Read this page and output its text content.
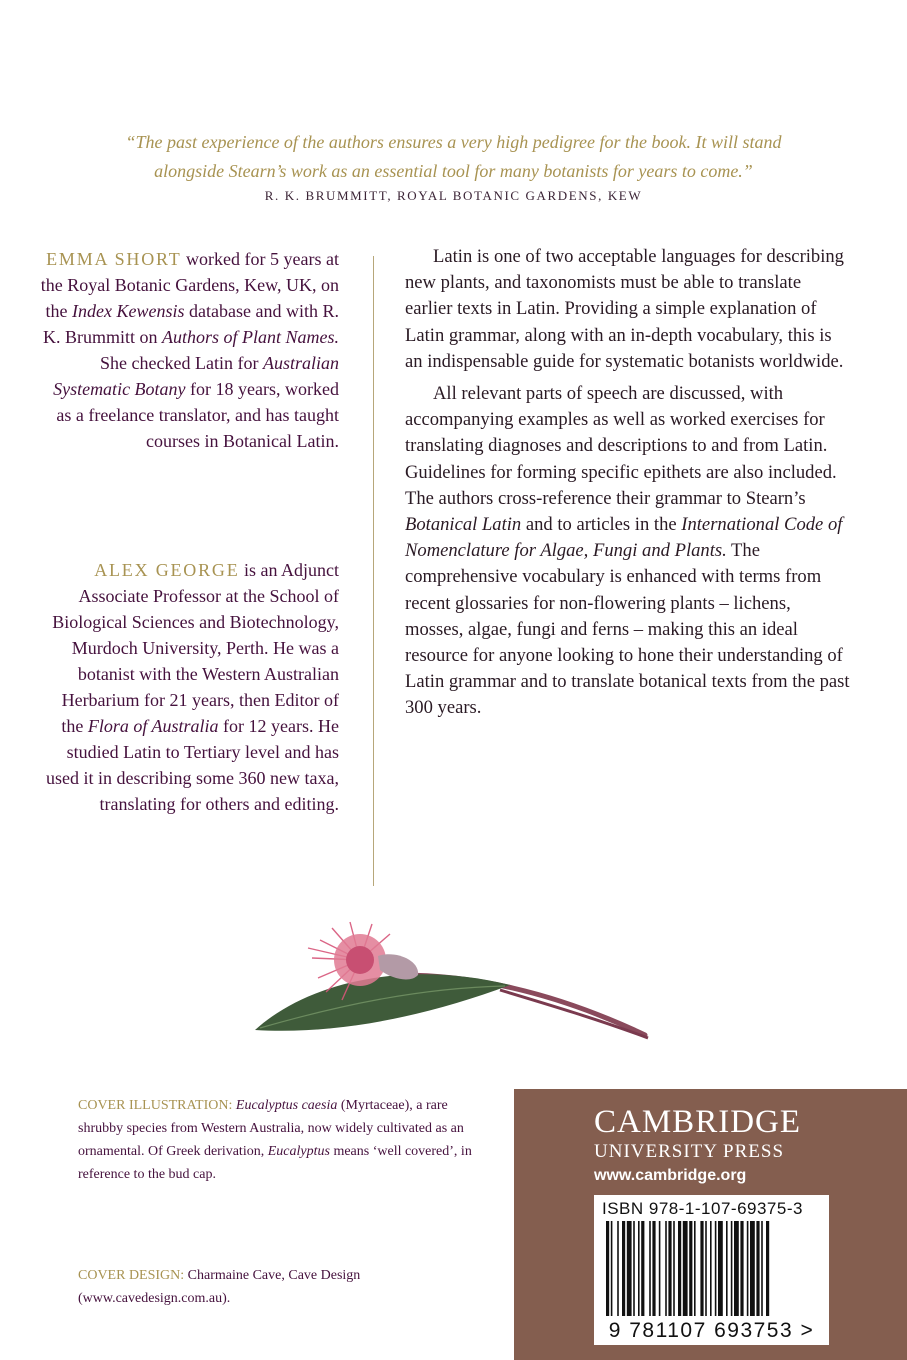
“The past experience of the authors ensures a very high pedigree for the book. It will stand
alongside Stearn’s work as an essential tool for many botanists for years to come.”
R. K. BRUMMITT, ROYAL BOTANIC GARDENS, KEW
EMMA SHORT worked for 5 years at the Royal Botanic Gardens, Kew, UK, on the Index Kewensis database and with R. K. Brummitt on Authors of Plant Names. She checked Latin for Australian Systematic Botany for 18 years, worked as a freelance translator, and has taught courses in Botanical Latin.
ALEX GEORGE is an Adjunct Associate Professor at the School of Biological Sciences and Biotechnology, Murdoch University, Perth. He was a botanist with the Western Australian Herbarium for 21 years, then Editor of the Flora of Australia for 12 years. He studied Latin to Tertiary level and has used it in describing some 360 new taxa, translating for others and editing.

Latin is one of two acceptable languages for describing new plants, and taxonomists must be able to translate earlier texts in Latin. Providing a simple explanation of Latin grammar, along with an in-depth vocabulary, this is an indispensable guide for systematic botanists worldwide.

All relevant parts of speech are discussed, with accompanying examples as well as worked exercises for translating diagnoses and descriptions to and from Latin. Guidelines for forming specific epithets are also included. The authors cross-reference their grammar to Stearn’s Botanical Latin and to articles in the International Code of Nomenclature for Algae, Fungi and Plants. The comprehensive vocabulary is enhanced with terms from recent glossaries for non-flowering plants – lichens, mosses, algae, fungi and ferns – making this an ideal resource for anyone looking to hone their understanding of Latin grammar and to translate botanical texts from the past 300 years.

COVER ILLUSTRATION: Eucalyptus caesia (Myrtaceae), a rare shrubby species from Western Australia, now widely cultivated as an ornamental. Of Greek derivation, Eucalyptus means ‘well covered’, in reference to the bud cap.
COVER DESIGN: Charmaine Cave, Cave Design
(www.cavedesign.com.au).
CAMBRIDGE
UNIVERSITY PRESS
www.cambridge.org
ISBN 978-1-107-69375-3
9 781107 693753 >
